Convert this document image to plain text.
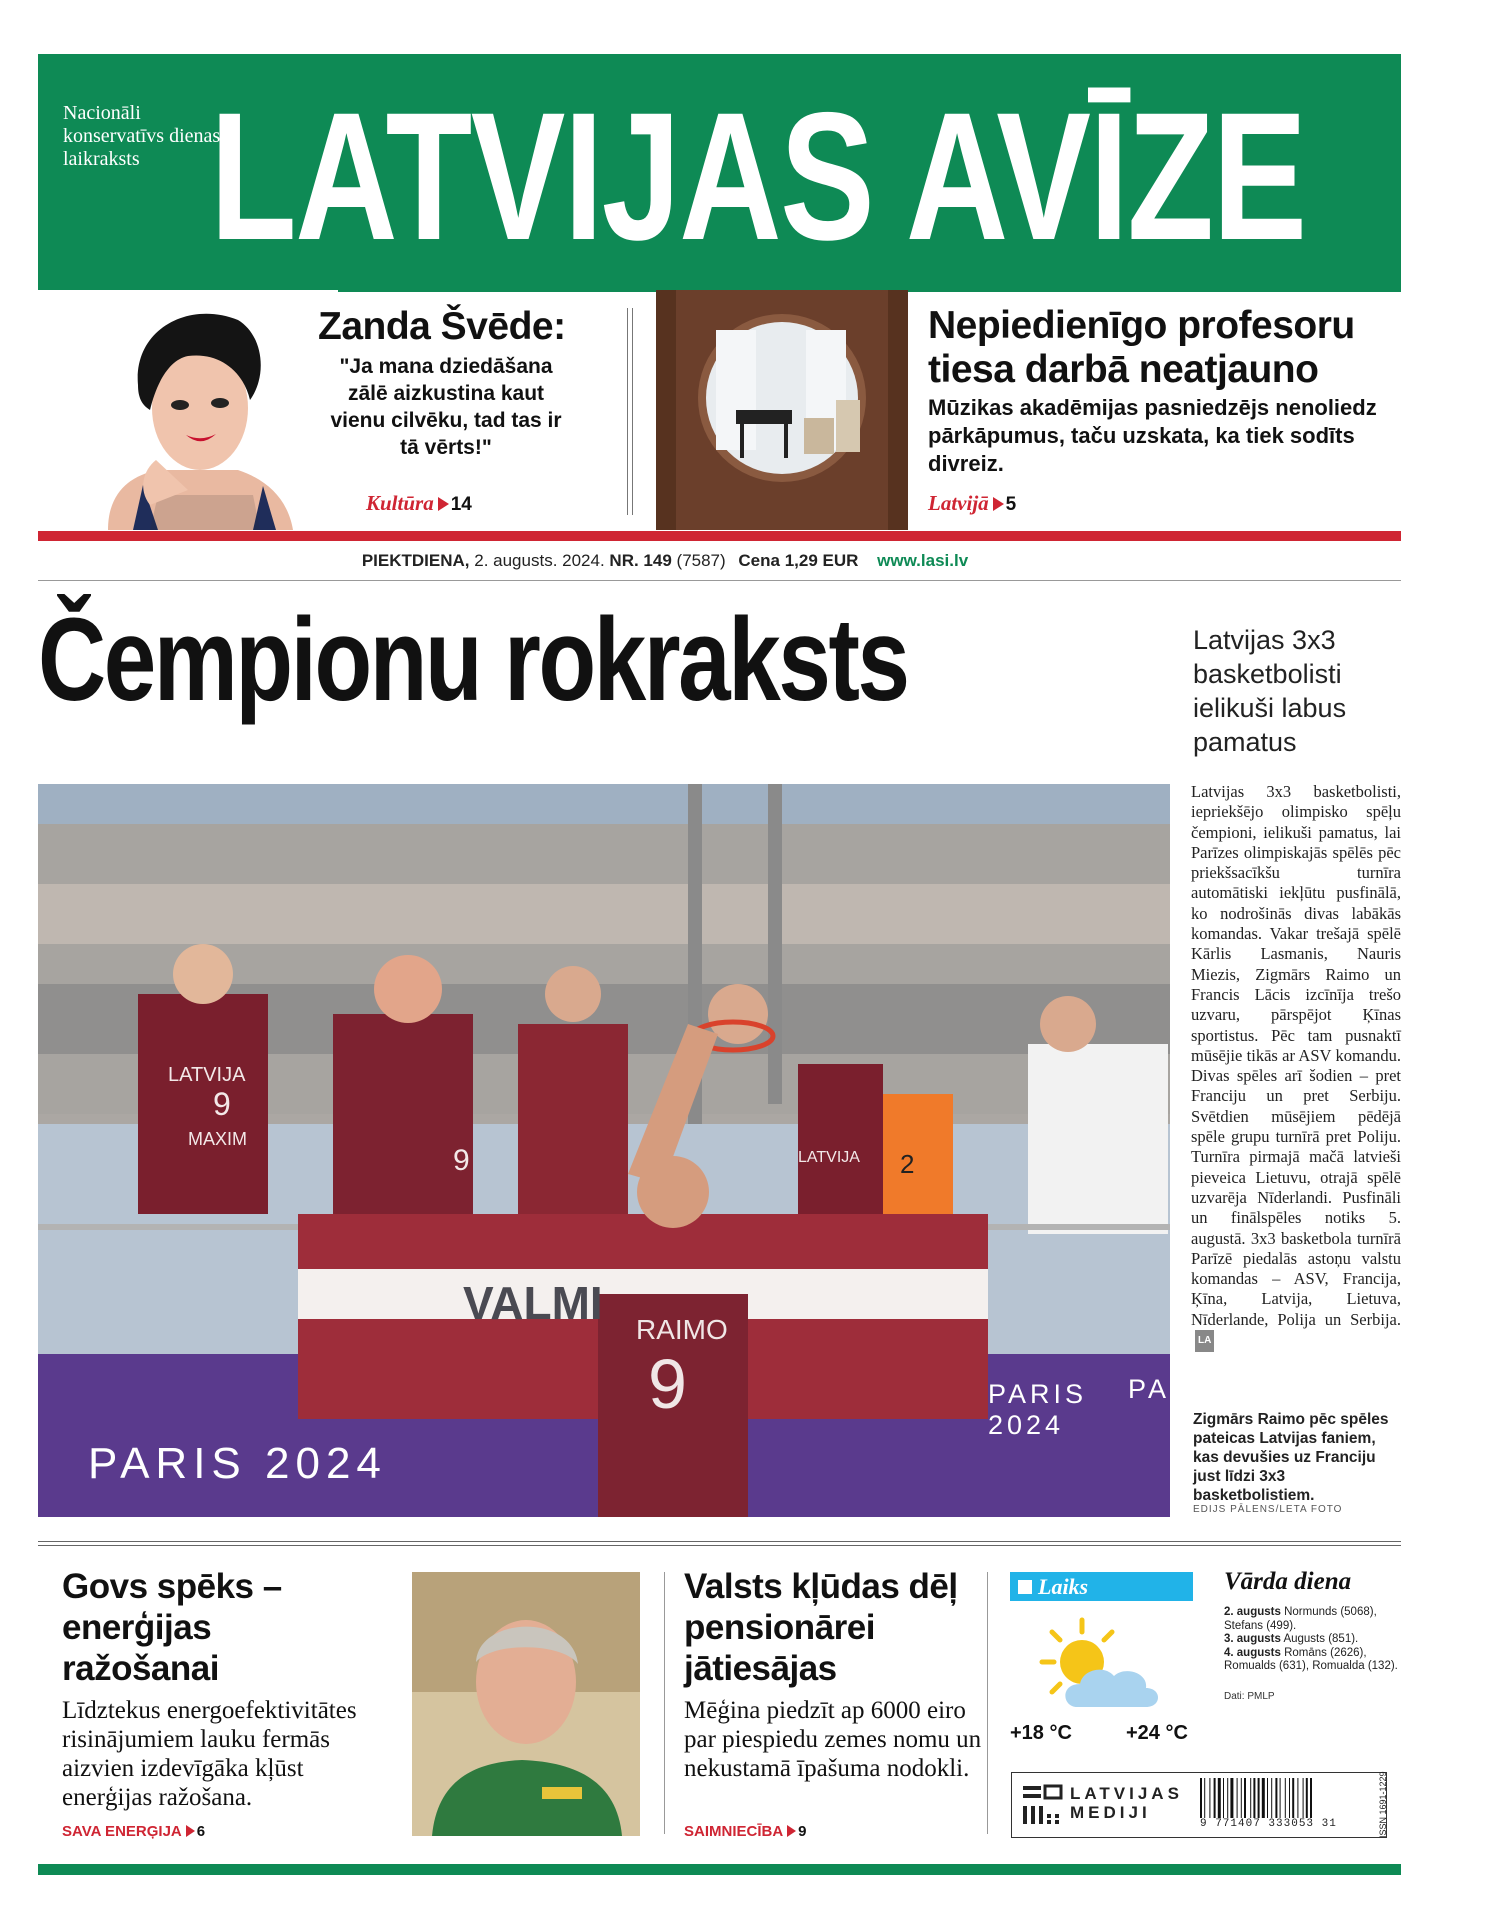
Nacionāli konservatīvs dienas laikraksts LATVIJAS AVĪZE
Zanda Švēde:
"Ja mana dziedāšana zālē aizkustina kaut vienu cilvēku, tad tas ir tā vērts!"
Kultūra 14
Nepiedienīgo profesoru tiesa darbā neatjauno
Mūzikas akadēmijas pasniedzējs nenoliedz pārkāpumus, taču uzskata, ka tiek sodīts divreiz.
Latvijā 5
PIEKTDIENA, 2. augusts. 2024. NR. 149 (7587) Cena 1,29 EUR www.lasi.lv
Čempionu rokraksts	Latvijas 3x3 basketbolisti ielikuši labus pamatus
VALMI
RAIMO
9
PARIS 2024
PARIS 2024
PAR
LATVIJA
9
MAXIM
9	LATVIJA 2
Latvijas 3x3 basketbolisti, iepriekšējo olimpisko spēļu čempioni, ielikuši pamatus, lai Parīzes olimpiskajās spēlēs pēc priekšsacīkšu turnīra automātiski iekļūtu pusfinālā, ko nodrošinās divas labākās komandas. Vakar trešajā spēlē Kārlis Lasmanis, Nauris Miezis, Zigmārs Raimo un Francis Lācis izcīnīja trešo uzvaru, pārspējot Ķīnas sportistus. Pēc tam pusnaktī mūsējie tikās ar ASV komandu. Divas spēles arī šodien – pret Franciju un pret Serbiju. Svētdien mūsējiem pēdējā spēle grupu turnīrā pret Poliju. Turnīra pirmajā mačā latvieši pieveica Lietuvu, otrajā spēlē uzvarēja Nīderlandi. Pusfināli un finālspēles notiks 5. augustā. 3x3 basketbola turnīrā Parīzē piedalās astoņu valstu komandas – ASV, Francija, Ķīna, Latvija, Lietuva, Nīderlande, Polija un Serbija.LA
Zigmārs Raimo pēc spēles pateicas Latvijas faniem, kas devušies uz Franciju just līdzi 3x3 basketbolistiem.
EDIJS PĀLENS/LETA FOTO
Govs spēks – enerģijas ražošanai
Līdztekus energoefektivitātes risinājumiem lauku fermās aizvien izdevīgāka kļūst enerģijas ražošana.
SAVA ENERĢIJA 6
Valsts kļūdas dēļ pensionārei jātiesājas
Mēģina piedzīt ap 6000 eiro par piespiedu zemes nomu un nekustamā īpašuma nodokli.
SAIMNIECĪBA 9
Laiks
+18 °C	+24 °C
Vārda diena
2. augusts Normunds (5068), Stefans (499).
3. augusts Augusts (851).
4. augusts Romāns (2626), Romualds (631), Romualda (132).
Dati: PMLP
LATVIJAS
MEDIJI
9 771407 333053 31	ISSN 1691-1229
